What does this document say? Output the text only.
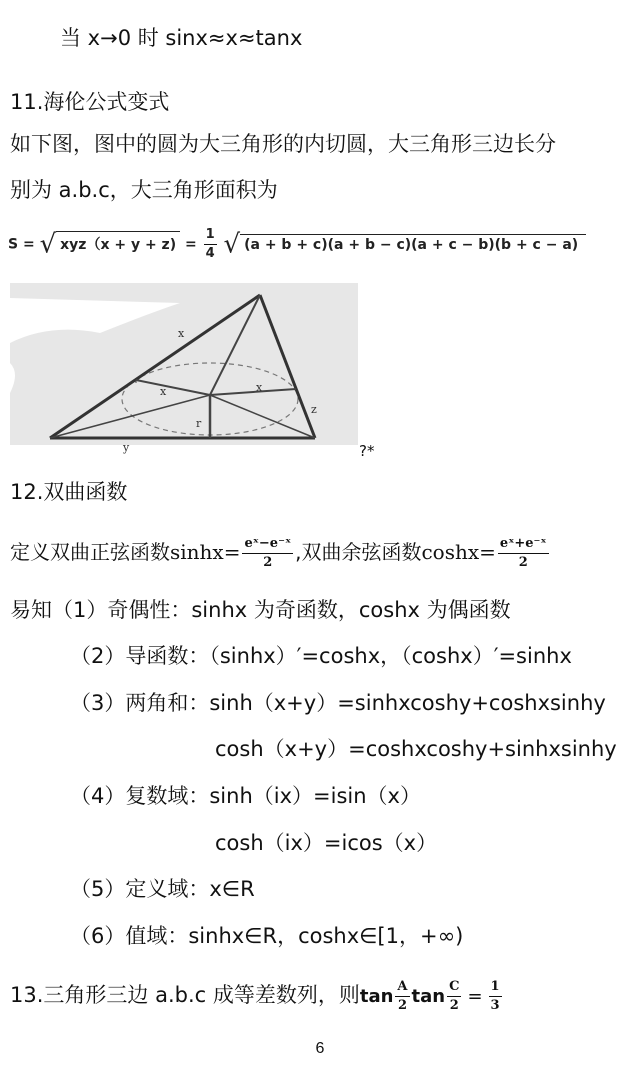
当 x→0 时 sinx≈x≈tanx
11.海伦公式变式
如下图，图中的圆为大三角形的内切圆，大三角形三边长分
别为 a.b.c，大三角形面积为
S = √ $xyz(x + y + z) = \frac{1}{4}$ √ (a + b + c)(a + b − c)(a + c − b)(b + c − a)
x
x	x
r
z
y	?*
12.双曲函数
定义双曲正弦函数$\sinh x= \frac{\text{eˣ−e⁻ˣ}}{2}$ ,双曲余弦函数$\cosh x= \frac{\text{eˣ+e⁻ˣ}}{2}$
易知（1）奇偶性：sinhx 为奇函数，coshx 为偶函数
（2）导函数：（sinhx）′=coshx，（coshx）′=sinhx
（3）两角和：sinh（x+y）=sinhxcoshy+coshxsinhy
cosh（x+y）=coshxcoshy+sinhxsinhy
（4）复数域：sinh（ix）=isin（x）
cosh（ix）=icos（x）
（5）定义域：x∈R
（6）值域：sinhx∈R，coshx∈[1，+∞)
13.三角形三边 a.b.c 成等差数列，则$\tan \frac{A}{2}$ $\tan \frac{C}{2} = \frac{1}{3}$
6
